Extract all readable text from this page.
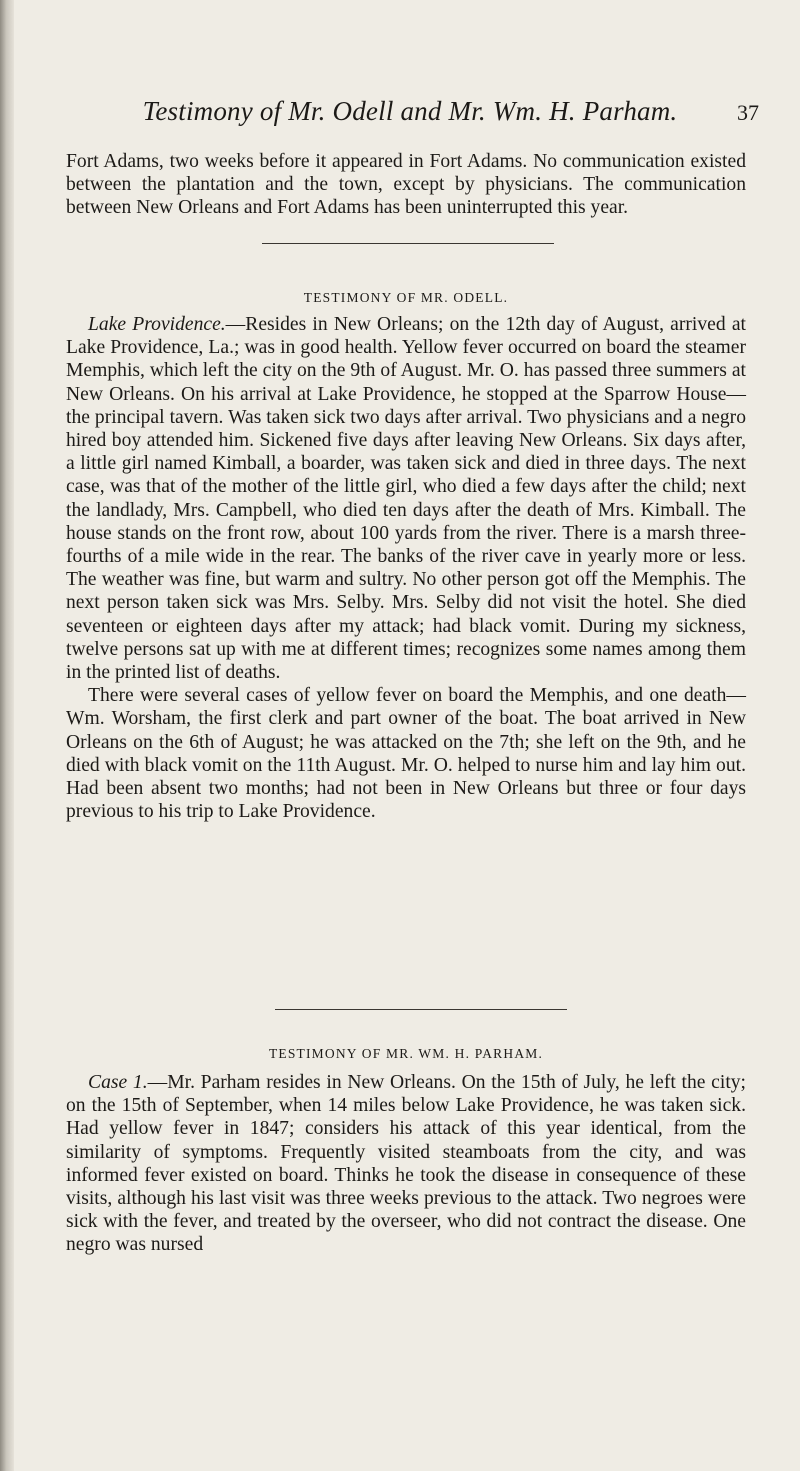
Testimony of Mr. Odell and Mr. Wm. H. Parham.	37

Fort Adams, two weeks before it appeared in Fort Adams. No communication existed between the plantation and the town, except by physicians. The communication between New Orleans and Fort Adams has been uninterrupted this year.

TESTIMONY OF MR. ODELL.

Lake Providence.—Resides in New Orleans; on the 12th day of August, arrived at Lake Providence, La.; was in good health. Yellow fever occurred on board the steamer Memphis, which left the city on the 9th of August. Mr. O. has passed three summers at New Orleans. On his arrival at Lake Providence, he stopped at the Sparrow House—the principal tavern. Was taken sick two days after arrival. Two physicians and a negro hired boy attended him. Sickened five days after leaving New Orleans. Six days after, a little girl named Kimball, a boarder, was taken sick and died in three days. The next case, was that of the mother of the little girl, who died a few days after the child; next the landlady, Mrs. Campbell, who died ten days after the death of Mrs. Kimball. The house stands on the front row, about 100 yards from the river. There is a marsh three-fourths of a mile wide in the rear. The banks of the river cave in yearly more or less. The weather was fine, but warm and sultry. No other person got off the Memphis. The next person taken sick was Mrs. Selby. Mrs. Selby did not visit the hotel. She died seventeen or eighteen days after my attack; had black vomit. During my sickness, twelve persons sat up with me at different times; recognizes some names among them in the printed list of deaths.

There were several cases of yellow fever on board the Memphis, and one death—Wm. Worsham, the first clerk and part owner of the boat. The boat arrived in New Orleans on the 6th of August; he was attacked on the 7th; she left on the 9th, and he died with black vomit on the 11th August. Mr. O. helped to nurse him and lay him out. Had been absent two months; had not been in New Orleans but three or four days previous to his trip to Lake Providence.

TESTIMONY OF MR. WM. H. PARHAM.

Case 1.—Mr. Parham resides in New Orleans. On the 15th of July, he left the city; on the 15th of September, when 14 miles below Lake Providence, he was taken sick. Had yellow fever in 1847; considers his attack of this year identical, from the similarity of symptoms. Frequently visited steamboats from the city, and was informed fever existed on board. Thinks he took the disease in consequence of these visits, although his last visit was three weeks previous to the attack. Two negroes were sick with the fever, and treated by the overseer, who did not contract the disease. One negro was nursed
